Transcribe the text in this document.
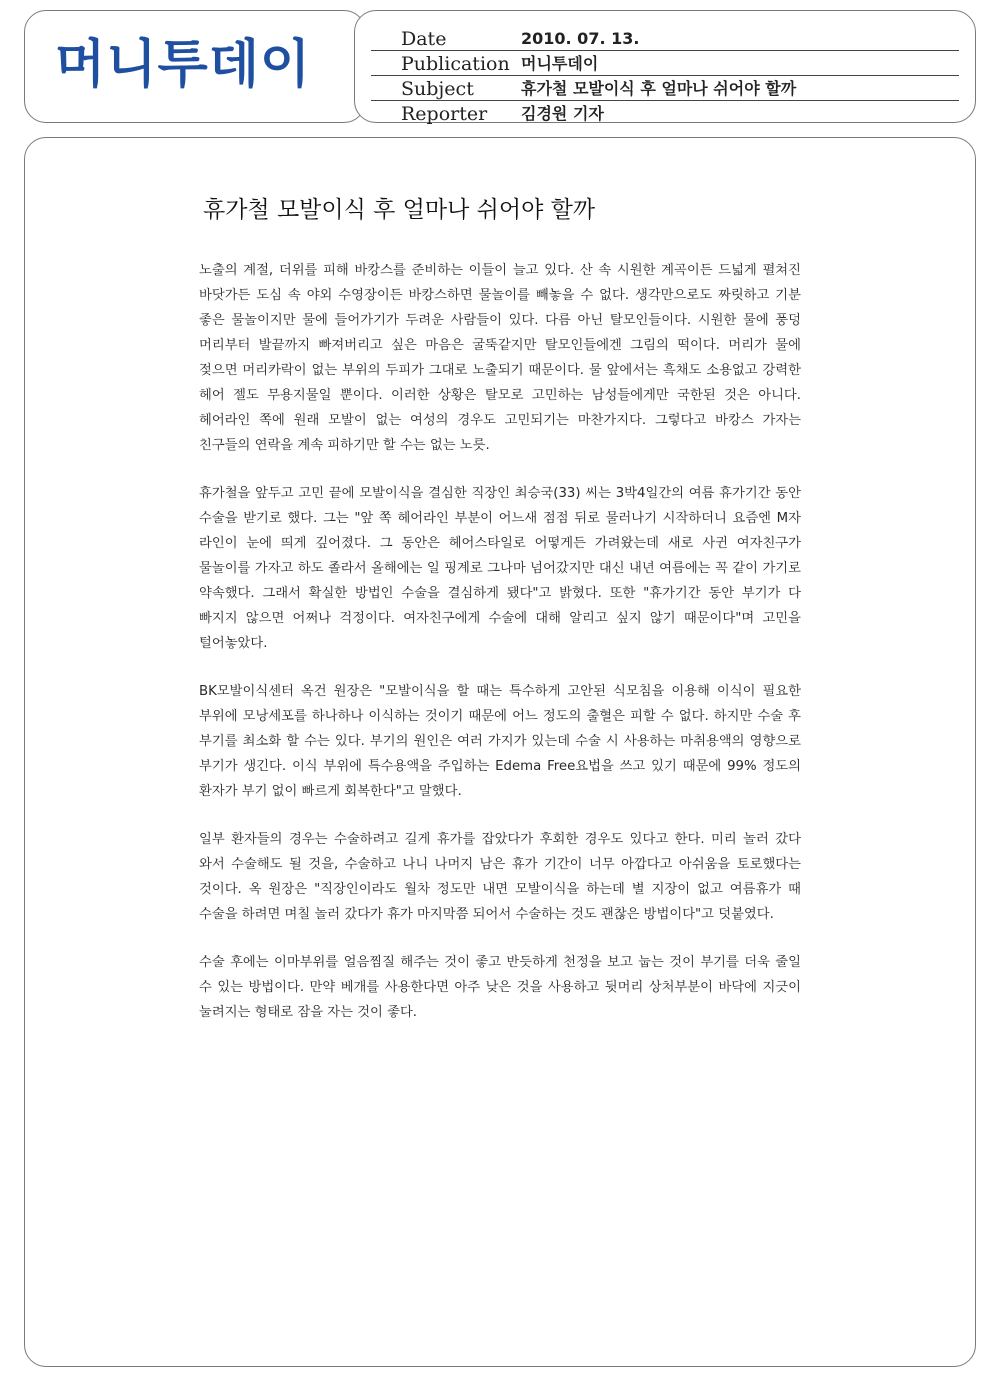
머니투데이	Date	2010. 07. 13.
Publication 머니투데이
Subject	휴가철 모발이식 후 얼마나 쉬어야 할까
Reporter 김경원 기자
휴가철 모발이식 후 얼마나 쉬어야 할까

노출의 계절, 더위를 피해 바캉스를 준비하는 이들이 늘고 있다. 산 속 시원한 계곡이든 드넓게 펼쳐진 바닷가든 도심 속 야외 수영장이든 바캉스하면 물놀이를 빼놓을 수 없다. 생각만으로도 짜릿하고 기분 좋은 물놀이지만 물에 들어가기가 두려운 사람들이 있다. 다름 아닌 탈모인들이다. 시원한 물에 풍덩 머리부터 발끝까지 빠져버리고 싶은 마음은 굴뚝같지만 탈모인들에겐 그림의 떡이다. 머리가 물에 젖으면 머리카락이 없는 부위의 두피가 그대로 노출되기 때문이다. 물 앞에서는 흑채도 소용없고 강력한 헤어 젤도 무용지물일 뿐이다. 이러한 상황은 탈모로 고민하는 남성들에게만 국한된 것은 아니다. 헤어라인 쪽에 원래 모발이 없는 여성의 경우도 고민되기는 마찬가지다. 그렇다고 바캉스 가자는 친구들의 연락을 계속 피하기만 할 수는 없는 노릇.

휴가철을 앞두고 고민 끝에 모발이식을 결심한 직장인 최승국(33) 씨는 3박4일간의 여름 휴가기간 동안 수술을 받기로 했다. 그는 "앞 쪽 헤어라인 부분이 어느새 점점 뒤로 물러나기 시작하더니 요즘엔 M자 라인이 눈에 띄게 깊어졌다. 그 동안은 헤어스타일로 어떻게든 가려왔는데 새로 사귄 여자친구가 물놀이를 가자고 하도 졸라서 올해에는 일 핑계로 그나마 넘어갔지만 대신 내년 여름에는 꼭 같이 가기로 약속했다. 그래서 확실한 방법인 수술을 결심하게 됐다"고 밝혔다. 또한 "휴가기간 동안 부기가 다 빠지지 않으면 어쩌나 걱정이다. 여자친구에게 수술에 대해 알리고 싶지 않기 때문이다"며 고민을 털어놓았다.

BK모발이식센터 옥건 원장은 "모발이식을 할 때는 특수하게 고안된 식모침을 이용해 이식이 필요한 부위에 모낭세포를 하나하나 이식하는 것이기 때문에 어느 정도의 출혈은 피할 수 없다. 하지만 수술 후 부기를 최소화 할 수는 있다. 부기의 원인은 여러 가지가 있는데 수술 시 사용하는 마취용액의 영향으로 부기가 생긴다. 이식 부위에 특수용액을 주입하는 Edema Free요법을 쓰고 있기 때문에 99% 정도의 환자가 부기 없이 빠르게 회복한다"고 말했다.

일부 환자들의 경우는 수술하려고 길게 휴가를 잡았다가 후회한 경우도 있다고 한다. 미리 놀러 갔다 와서 수술해도 될 것을, 수술하고 나니 나머지 남은 휴가 기간이 너무 아깝다고 아쉬움을 토로했다는 것이다. 옥 원장은 "직장인이라도 월차 정도만 내면 모발이식을 하는데 별 지장이 없고 여름휴가 때 수술을 하려면 며칠 놀러 갔다가 휴가 마지막쯤 되어서 수술하는 것도 괜찮은 방법이다"고 덧붙였다.

수술 후에는 이마부위를 얼음찜질 해주는 것이 좋고 반듯하게 천정을 보고 눕는 것이 부기를 더욱 줄일 수 있는 방법이다. 만약 베개를 사용한다면 아주 낮은 것을 사용하고 뒷머리 상처부분이 바닥에 지긋이 눌려지는 형태로 잠을 자는 것이 좋다.
